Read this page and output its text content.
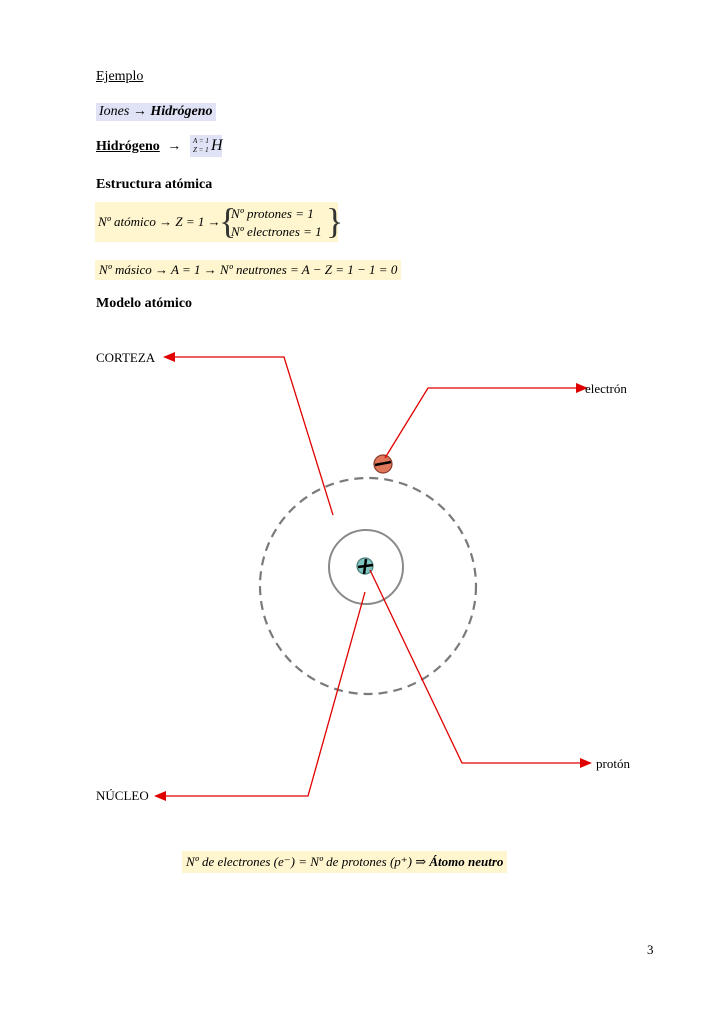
Ejemplo
Iones → Hidrógeno
Hidrógeno → A = 1
Z = 1 H
Estructura atómica
Nº atómico → Z = 1 →
{
Nº protones = 1
Nº electrones = 1 }
Nº másico → A = 1 → Nº neutrones = A − Z = 1 − 1 = 0
Modelo atómico
CORTEZA
electrón
protón
NÚCLEO
Nº de electrones (e⁻) = Nº de protones (p⁺) ⇒ Átomo neutro
3
